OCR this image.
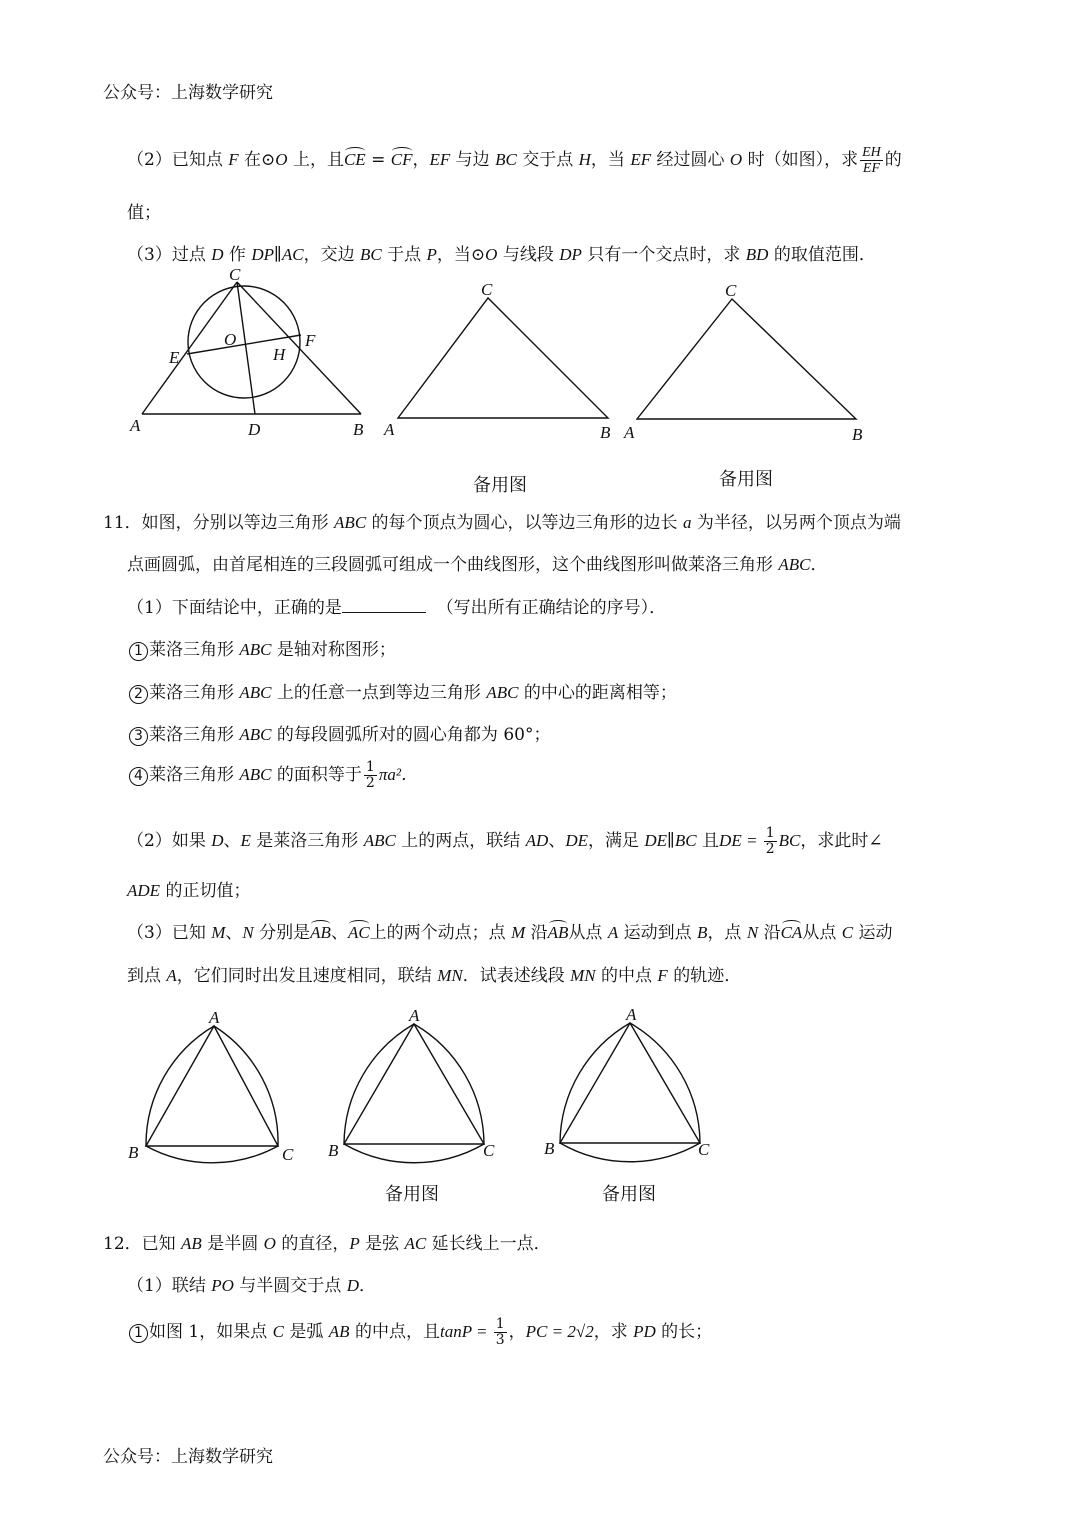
公众号：上海数学研究
（2）已知点 F 在⊙O 上，且CE = CF，EF 与边 BC 交于点 H，当 EF 经过圆心 O 时（如图），求 $\frac{EH}{EF}$ 的
值；
（3）过点 D 作 DP∥AC，交边 BC 于点 P，当⊙O 与线段 DP 只有一个交点时，求 BD 的取值范围．
C
O
E	H
F
A	D	B
C
A	B
C
A	B
备用图	备用图
11．如图，分别以等边三角形 ABC 的每个顶点为圆心，以等边三角形的边长 a 为半径，以另两个顶点为端
点画圆弧，由首尾相连的三段圆弧可组成一个曲线图形，这个曲线图形叫做莱洛三角形 ABC．
（1）下面结论中，正确的是	（写出所有正确结论的序号）．
1 莱洛三角形 ABC 是轴对称图形；
2 莱洛三角形 ABC 上的任意一点到等边三角形 ABC 的中心的距离相等；
3 莱洛三角形 ABC 的每段圆弧所对的圆心角都为 60°；
4 莱洛三角形 ABC 的面积等于 $\frac{1}{2} \pi a^2$．
（2）如果 D、E 是莱洛三角形 ABC 上的两点，联结 AD、DE，满足 DE∥BC 且DE = $\frac{1}{2}$ BC，求此时∠
ADE 的正切值；
（3）已知 M、N 分别是AB、AC上的两个动点；点 M 沿AB从点 A 运动到点 B，点 N 沿CA从点 C 运动
到点 A，它们同时出发且速度相同，联结 MN．试表述线段 MN 的中点 F 的轨迹．
A
B	C
A
B	C
A
B	C
备用图	备用图
12．已知 AB 是半圆 O 的直径，P 是弦 AC 延长线上一点．
（1）联结 PO 与半圆交于点 D．
1 如图 1，如果点 C 是弧 AB 的中点，且$\tan P = \frac{1}{3}$ ，PC = 2√2，求 PD 的长；
公众号：上海数学研究
